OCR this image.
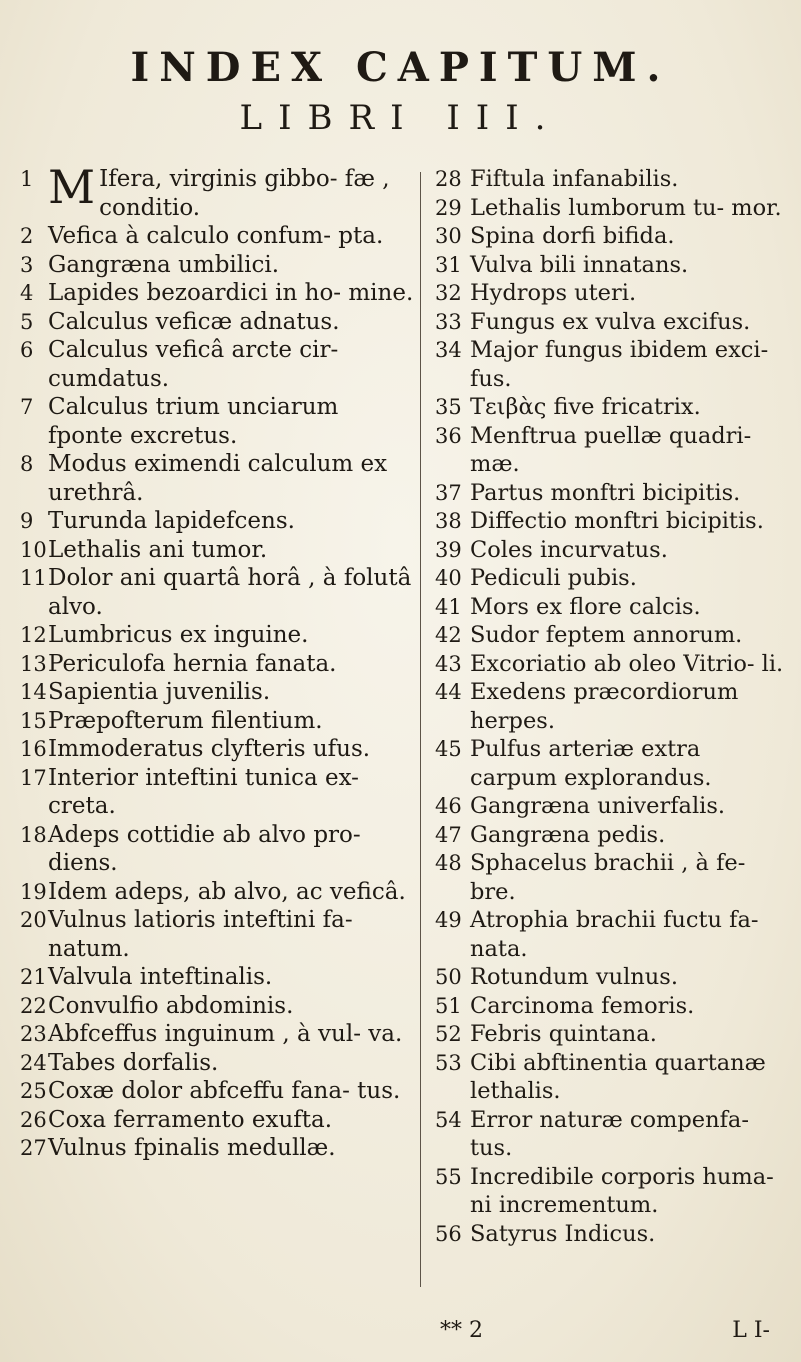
INDEX CAPITUM.
LIBRI III.
1 M Ifera, virginis gibbo- fæ , conditio.
2 Vefica à calculo confum- pta.
3 Gangræna umbilici.
4 Lapides bezoardici in ho- mine.
5 Calculus veficæ adnatus.
6 Calculus veficâ arcte cir- cumdatus.
7 Calculus trium unciarum fponte excretus.
8 Modus eximendi calculum ex urethrâ.
9 Turunda lapidefcens.
10 Lethalis ani tumor.
11 Dolor ani quartâ horâ , à folutâ alvo.
12 Lumbricus ex inguine.
13 Periculofa hernia fanata.
14 Sapientia juvenilis.
15 Præpofterum filentium.
16 Immoderatus clyfteris ufus.
17 Interior inteftini tunica ex- creta.
18 Adeps cottidie ab alvo pro- diens.
19 Idem adeps, ab alvo, ac veficâ.
20 Vulnus latioris inteftini fa- natum.
21 Valvula inteftinalis.
22 Convulfio abdominis.
23 Abfceffus inguinum , à vul- va.
24 Tabes dorfalis.
25 Coxæ dolor abfceffu fana- tus.
26 Coxa ferramento exufta.
27 Vulnus fpinalis medullæ.
28 Fiftula infanabilis.
29 Lethalis lumborum tu- mor.
30 Spina dorfi bifida.
31 Vulva bili innatans.
32 Hydrops uteri.
33 Fungus ex vulva excifus.
34 Major fungus ibidem exci- fus.
35 Τειβὰς five fricatrix.
36 Menftrua puellæ quadri- mæ.
37 Partus monftri bicipitis.
38 Diffectio monftri bicipitis.
39 Coles incurvatus.
40 Pediculi pubis.
41 Mors ex flore calcis.
42 Sudor feptem annorum.
43 Excoriatio ab oleo Vitrio- li.
44 Exedens præcordiorum herpes.
45 Pulfus arteriæ extra carpum explorandus.
46 Gangræna univerfalis.
47 Gangræna pedis.
48 Sphacelus brachii , à fe- bre.
49 Atrophia brachii fuctu fa- nata.
50 Rotundum vulnus.
51 Carcinoma femoris.
52 Febris quintana.
53 Cibi abftinentia quartanæ lethalis.
54 Error naturæ compenfa- tus.
55 Incredibile corporis huma- ni incrementum.
56 Satyrus Indicus.
** 2	L I-
